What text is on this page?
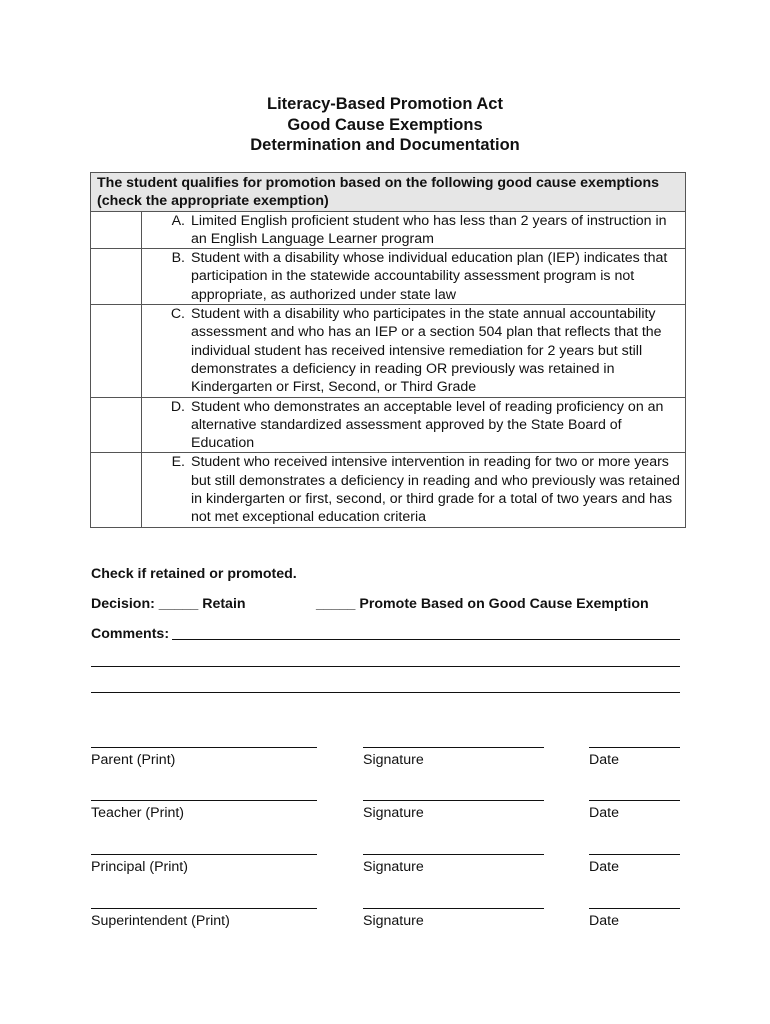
Literacy-Based Promotion Act
Good Cause Exemptions
Determination and Documentation
The student qualifies for promotion based on the following good cause exemptions (check the appropriate exemption)	

	A. Limited English proficient student who has less than 2 years of instruction in an English Language Learner program

	B. Student with a disability whose individual education plan (IEP) indicates that participation in the statewide accountability assessment program is not appropriate, as authorized under state law

	C. Student with a disability who participates in the state annual accountability assessment and who has an IEP or a section 504 plan that reflects that the individual student has received intensive remediation for 2 years but still demonstrates a deficiency in reading OR previously was retained in Kindergarten or First, Second, or Third Grade

	D. Student who demonstrates an acceptable level of reading proficiency on an alternative standardized assessment approved by the State Board of Education

	E. Student who received intensive intervention in reading for two or more years but still demonstrates a deficiency in reading and who previously was retained in kindergarten or first, second, or third grade for a total of two years and has not met exceptional education criteria
Check if retained or promoted.
Decision: _____ Retain	_____ Promote Based on Good Cause Exemption
Comments:
Parent (Print)	Signature	Date
Teacher (Print)	Signature	Date
Principal (Print)	Signature	Date
Superintendent (Print)	Signature	Date
